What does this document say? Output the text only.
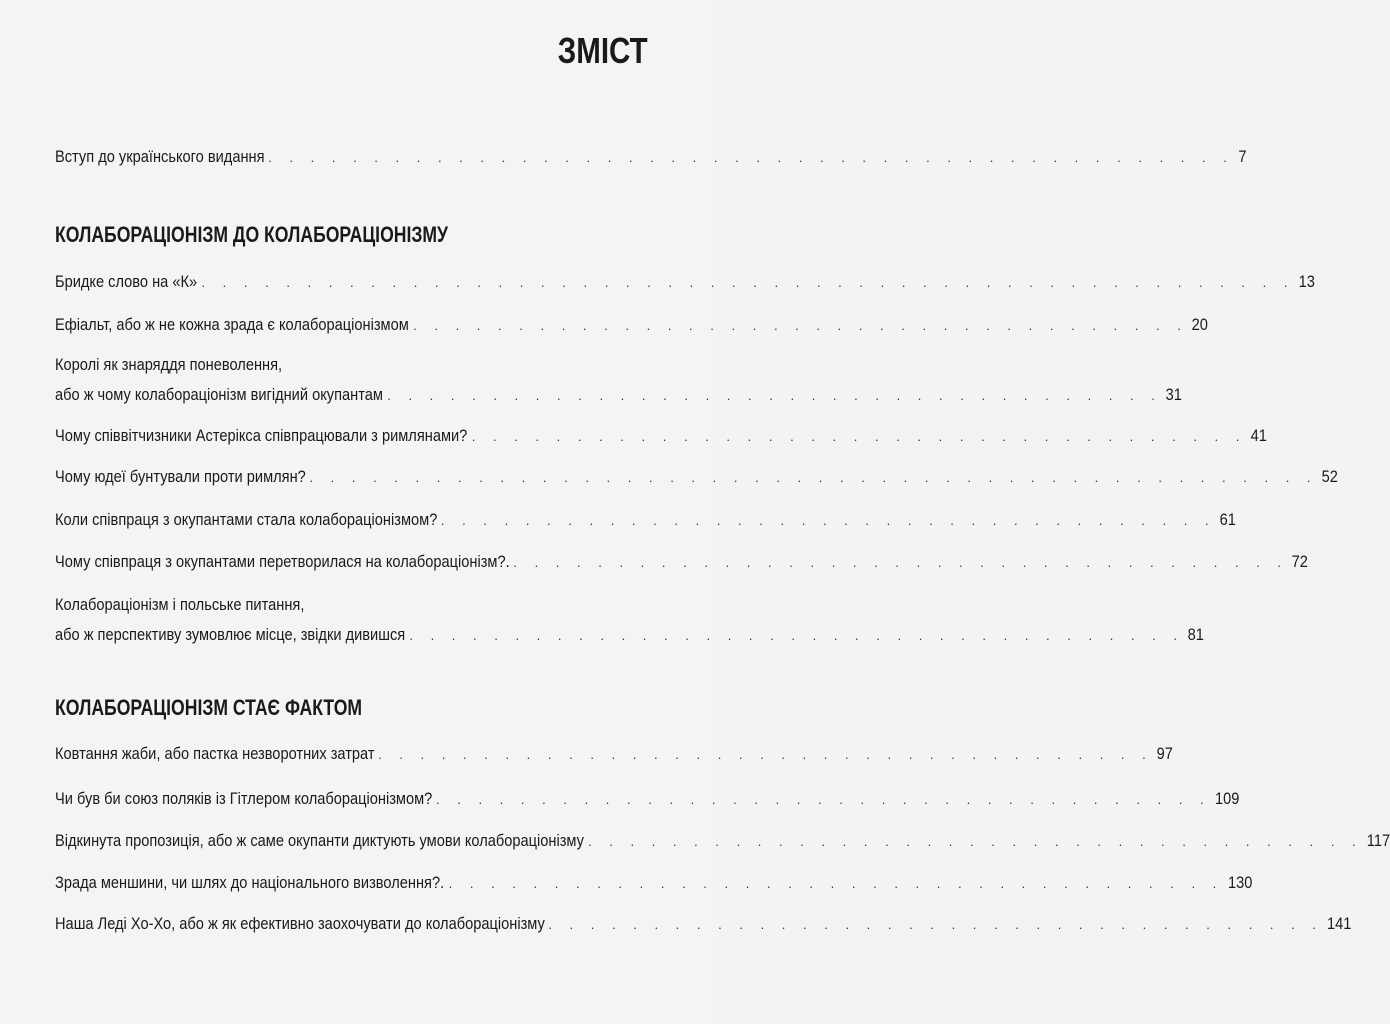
ЗМІСТ
Вступ до українського видання . . . . . . . . . . . . . . . . . . . . . . . . . . . . . . . . . . . . . . . . . . . . . . 7
КОЛАБОРАЦІОНІЗМ ДО КОЛАБОРАЦІОНІЗМУ
Бридке слово на «К» . . . . . . . . . . . . . . . . . . . . . . . . . . . . . . . . . . . . . . . . . . . . . . . . . . . . 13
Ефіальт, або ж не кожна зрада є колабораціонізмом . . . . . . . . . . . . . . . . . . . . . . . . . . . . . . . . . . . . . 20
Королі як знаряддя поневолення,
або ж чому колабораціонізм вигідний окупантам . . . . . . . . . . . . . . . . . . . . . . . . . . . . . . . . . . . . . 31
Чому співвітчизники Астерікса співпрацювали з римлянами? . . . . . . . . . . . . . . . . . . . . . . . . . . . . . . . . . . . . . 41
Чому юдеї бунтували проти римлян? . . . . . . . . . . . . . . . . . . . . . . . . . . . . . . . . . . . . . . . . . . . . . . . . 52
Коли співпраця з окупантами стала колабораціонізмом? . . . . . . . . . . . . . . . . . . . . . . . . . . . . . . . . . . . . . 61
Чому співпраця з окупантами перетворилася на колабораціонізм?. . . . . . . . . . . . . . . . . . . . . . . . . . . . . . . . . . . . . . 72
Колабораціонізм і польське питання,
або ж перспективу зумовлює місце, звідки дивишся . . . . . . . . . . . . . . . . . . . . . . . . . . . . . . . . . . . . . 81
КОЛАБОРАЦІОНІЗМ СТАЄ ФАКТОМ
Ковтання жаби, або пастка незворотних затрат . . . . . . . . . . . . . . . . . . . . . . . . . . . . . . . . . . . . . 97
Чи був би союз поляків із Гітлером колабораціонізмом? . . . . . . . . . . . . . . . . . . . . . . . . . . . . . . . . . . . . . 109
Відкинута пропозиція, або ж саме окупанти диктують умови колабораціонізму . . . . . . . . . . . . . . . . . . . . . . . . . . . . . . . . . . . . . 117
Зрада меншини, чи шлях до національного визволення?. . . . . . . . . . . . . . . . . . . . . . . . . . . . . . . . . . . . . . 130
Наша Леді Хо-Хо, або ж як ефективно заохочувати до колабораціонізму . . . . . . . . . . . . . . . . . . . . . . . . . . . . . . . . . . . . . 141
